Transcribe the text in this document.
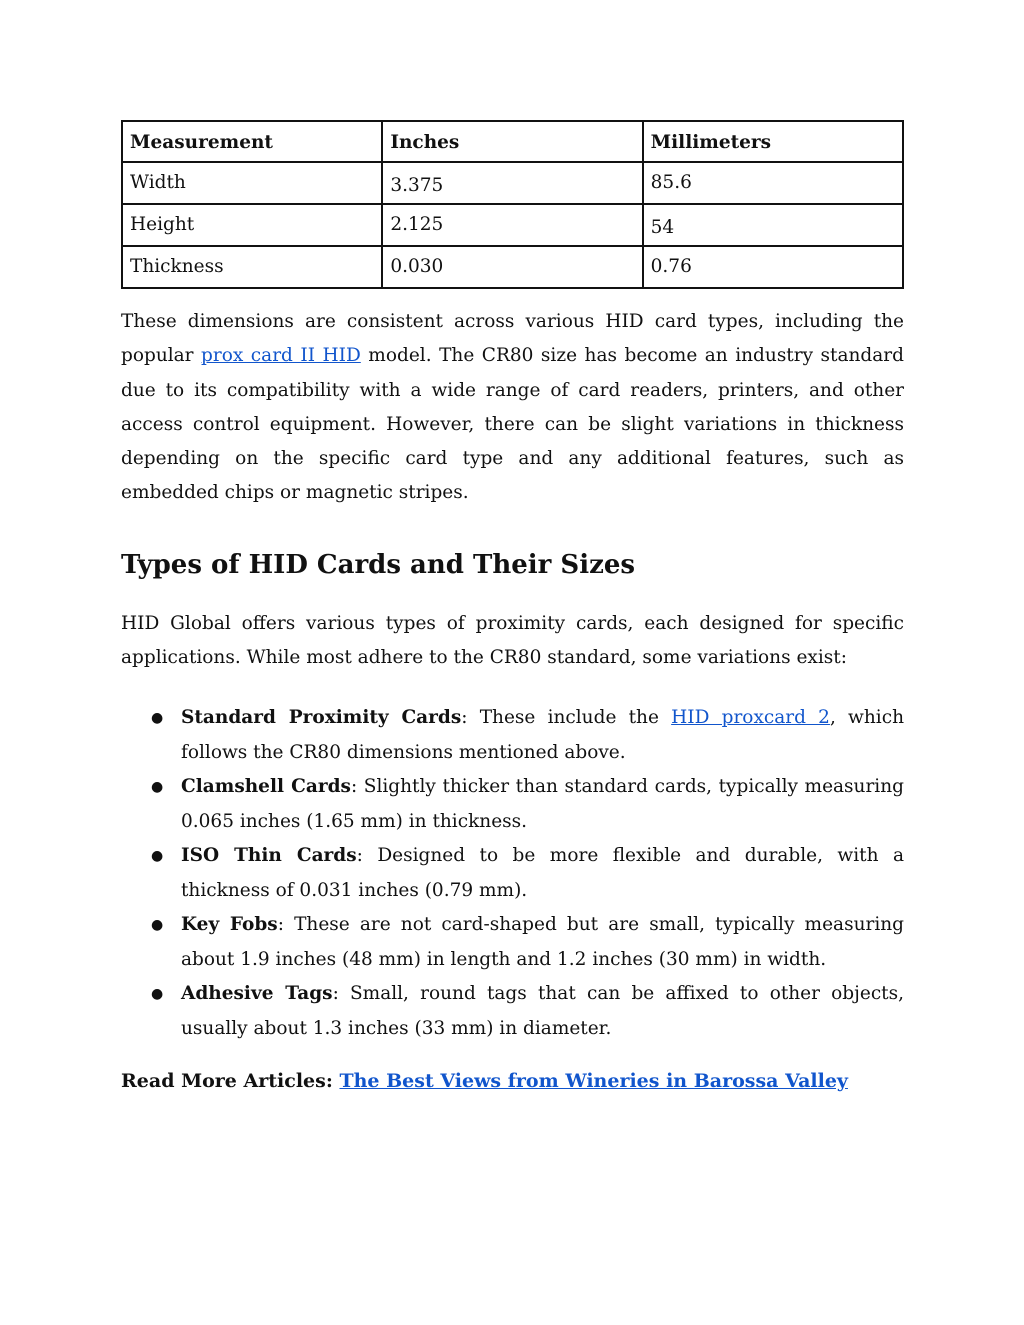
Measurement	Inches	Millimeters
Width	3.375	85.6
Height	2.125	54
Thickness	0.030	0.76

These dimensions are consistent across various HID card types, including the popular prox card II HID model. The CR80 size has become an industry standard due to its compatibility with a wide range of card readers, printers, and other access control equipment. However, there can be slight variations in thickness depending on the specific card type and any additional features, such as embedded chips or magnetic stripes.

Types of HID Cards and Their Sizes

HID Global offers various types of proximity cards, each designed for specific applications. While most adhere to the CR80 standard, some variations exist:

● Standard Proximity Cards: These include the HID proxcard 2, which follows the CR80 dimensions mentioned above.
● Clamshell Cards: Slightly thicker than standard cards, typically measuring 0.065 inches (1.65 mm) in thickness.
● ISO Thin Cards: Designed to be more flexible and durable, with a thickness of 0.031 inches (0.79 mm).
● Key Fobs: These are not card-shaped but are small, typically measuring about 1.9 inches (48 mm) in length and 1.2 inches (30 mm) in width.
● Adhesive Tags: Small, round tags that can be affixed to other objects, usually about 1.3 inches (33 mm) in diameter.
Read More Articles: The Best Views from Wineries in Barossa Valley
